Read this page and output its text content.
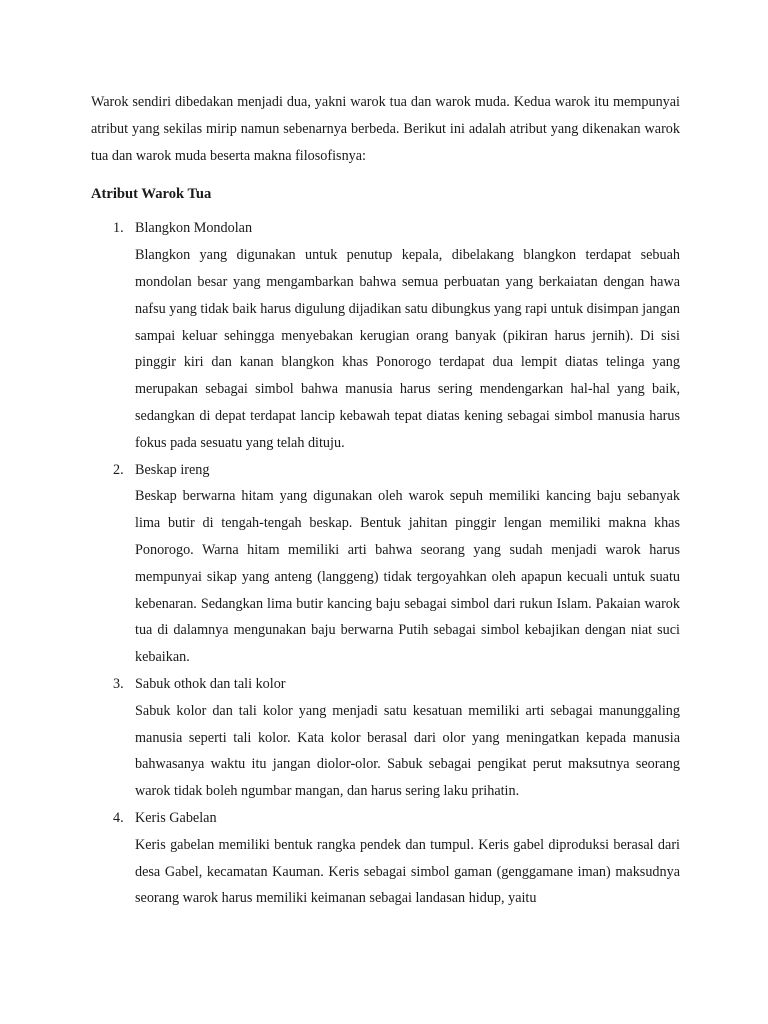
Warok sendiri dibedakan menjadi dua, yakni warok tua dan warok muda. Kedua warok itu mempunyai atribut yang sekilas mirip namun sebenarnya berbeda. Berikut ini adalah atribut yang dikenakan warok tua dan warok muda beserta makna filosofisnya:

Atribut Warok Tua
1. Blangkon Mondolan

Blangkon yang digunakan untuk penutup kepala, dibelakang blangkon terdapat sebuah mondolan besar yang mengambarkan bahwa semua perbuatan yang berkaiatan dengan hawa nafsu yang tidak baik harus digulung dijadikan satu dibungkus yang rapi untuk disimpan jangan sampai keluar sehingga menyebakan kerugian orang banyak (pikiran harus jernih). Di sisi pinggir kiri dan kanan blangkon khas Ponorogo terdapat dua lempit diatas telinga yang merupakan sebagai simbol bahwa manusia harus sering mendengarkan hal-hal yang baik, sedangkan di depat terdapat lancip kebawah tepat diatas kening sebagai simbol manusia harus fokus pada sesuatu yang telah dituju.

2. Beskap ireng

Beskap berwarna hitam yang digunakan oleh warok sepuh memiliki kancing baju sebanyak lima butir di tengah-tengah beskap. Bentuk jahitan pinggir lengan memiliki makna khas Ponorogo. Warna hitam memiliki arti bahwa seorang yang sudah menjadi warok harus mempunyai sikap yang anteng (langgeng) tidak tergoyahkan oleh apapun kecuali untuk suatu kebenaran. Sedangkan lima butir kancing baju sebagai simbol dari rukun Islam. Pakaian warok tua di dalamnya mengunakan baju berwarna Putih sebagai simbol kebajikan dengan niat suci kebaikan.

3. Sabuk othok dan tali kolor

Sabuk kolor dan tali kolor yang menjadi satu kesatuan memiliki arti sebagai manunggaling manusia seperti tali kolor. Kata kolor berasal dari olor yang meningatkan kepada manusia bahwasanya waktu itu jangan diolor-olor. Sabuk sebagai pengikat perut maksutnya seorang warok tidak boleh ngumbar mangan, dan harus sering laku prihatin.

4. Keris Gabelan

Keris gabelan memiliki bentuk rangka pendek dan tumpul. Keris gabel diproduksi berasal dari desa Gabel, kecamatan Kauman. Keris sebagai simbol gaman (genggamane iman) maksudnya seorang warok harus memiliki keimanan sebagai landasan hidup, yaitu
